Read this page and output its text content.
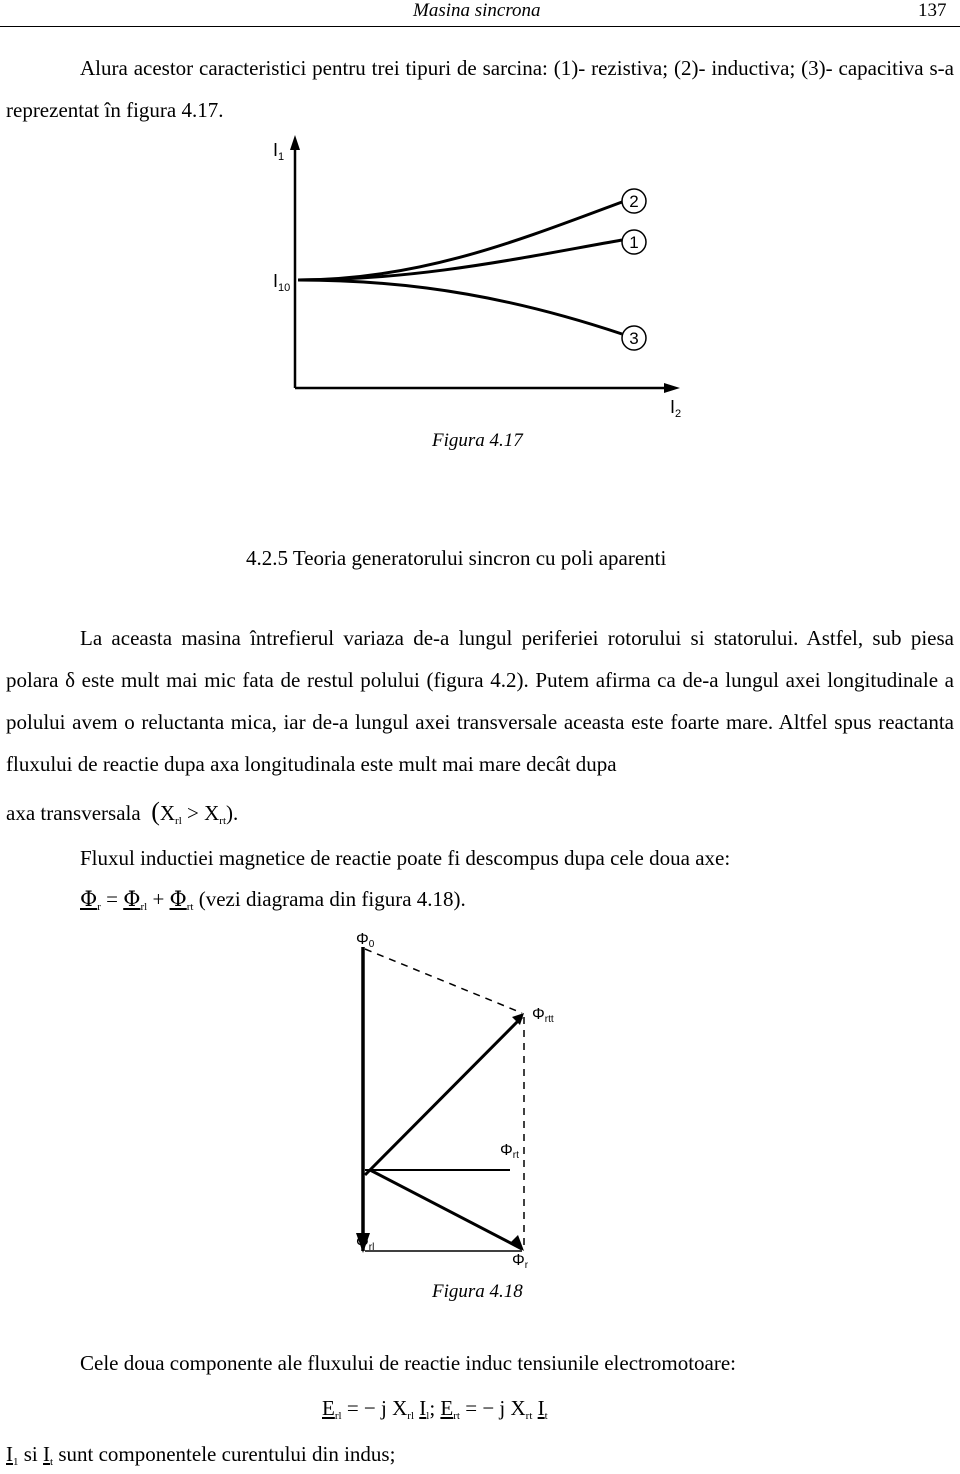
Masina sincrona	137

Alura acestor caracteristici pentru trei tipuri de sarcina: (1)- rezistiva; (2)- inductiva; (3)- capacitiva s-a reprezentat în figura 4.17.

2
1
3
$I_1$
$I_{10}$
$I_2$
Figura 4.17
4.2.5 Teoria generatorului sincron cu poli aparenti

La aceasta masina întrefierul variaza de-a lungul periferiei rotorului si statorului. Astfel, sub piesa polara δ este mult mai mic fata de restul polului (figura 4.2). Putem afirma ca de-a lungul axei longitudinale a polului avem o reluctanta mica, iar de-a lungul axei transversale aceasta este foarte mare. Altfel spus reactanta fluxului de reactie dupa axa longitudinala este mult mai mare decât dupa

axa transversala $(X_{rl} > X_{rt})$.
Fluxul inductiei magnetice de reactie poate fi descompus dupa cele doua axe:
$\Phi_r = \Phi_{rl} + \Phi_{rt}$ (vezi diagrama din figura 4.18).
Φ0
Φrtt
Φrt
Φrl
Φr
Figura 4.18
Cele doua componente ale fluxului de reactie induc tensiunile electromotoare:
$E_{rl}$ = − j $X_{rl}$ $I_l$; $E_{rt}$ = − j $X_{rt}$ $I_t$
$I_1$ si $I_t$ sunt componentele curentului din indus;
